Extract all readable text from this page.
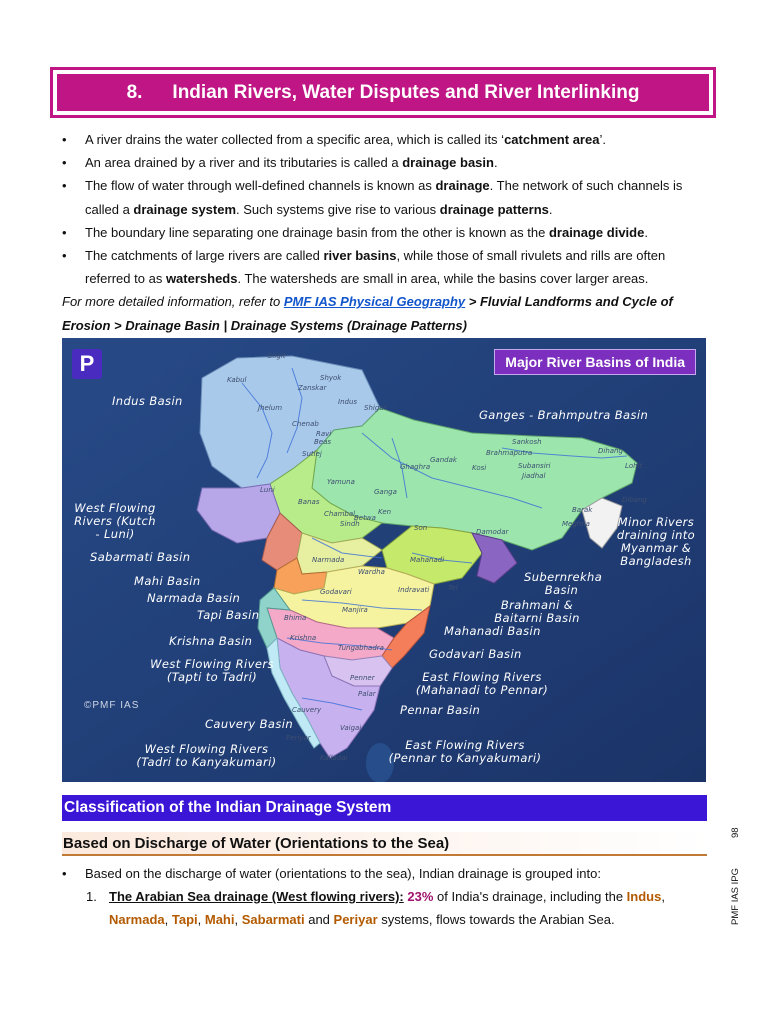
8. Indian Rivers, Water Disputes and River Interlinking
• A river drains the water collected from a specific area, which is called its ‘catchment area’.
• An area drained by a river and its tributaries is called a drainage basin.
• The flow of water through well-defined channels is known as drainage. The network of such channels is called a drainage system. Such systems give rise to various drainage patterns.
• The boundary line separating one drainage basin from the other is known as the drainage divide.
• The catchments of large rivers are called river basins, while those of small rivulets and rills are often referred to as watersheds. The watersheds are small in area, while the basins cover larger areas.
For more detailed information, refer to PMF IAS Physical Geography > Fluvial Landforms and Cycle of Erosion > Drainage Basin | Drainage Systems (Drainage Patterns)
P	Major River Basins of India
Indus Basin
Ganges - Brahmputra Basin
West Flowing Rivers (Kutch - Luni)
Sabarmati Basin
Mahi Basin
Narmada Basin
Tapi Basin
Krishna Basin
West Flowing Rivers (Tapti to Tadri)
Cauvery Basin
West Flowing Rivers (Tadri to Kanyakumari)
Minor Rivers draining into Myanmar & Bangladesh
Subernrekha Basin
Brahmani & Baitarni Basin
Mahanadi Basin
Godavari Basin
East Flowing Rivers (Mahanadi to Pennar)
Pennar Basin
East Flowing Rivers (Pennar to Kanyakumari)
Gilgit
Shyok
Kabul
Zanskar
Indus
Jhelum
Chenab
Ravi
Beas
Sutlej
Shigar
Yamuna
Ganga
Ghaghra
Gandak
Kosi
Brahmaputra	Dihang
Subansiri
Jiadhal
Lohit
Dibang
Luni
Banas
Chambal
Sindh
Betwa
Ken
Son	Damodar
Narmada
Wardha
Mahanadi
Indravati
Godavari
Manjira
Bhima
Krishna
Tungabhadra
Penner
Palar
Cauvery
Periyar
Vaigai
Kalladai
Tel
Meghna
Barak
Sankosh
©PMF IAS
Classification of the Indian Drainage System
Based on Discharge of Water (Orientations to the Sea)
• Based on the discharge of water (orientations to the sea), Indian drainage is grouped into:
1. The Arabian Sea drainage (West flowing rivers): 23% of India's drainage, including the Indus, Narmada, Tapi, Mahi, Sabarmati and Periyar systems, flows towards the Arabian Sea.	PMF IAS IPG
98
